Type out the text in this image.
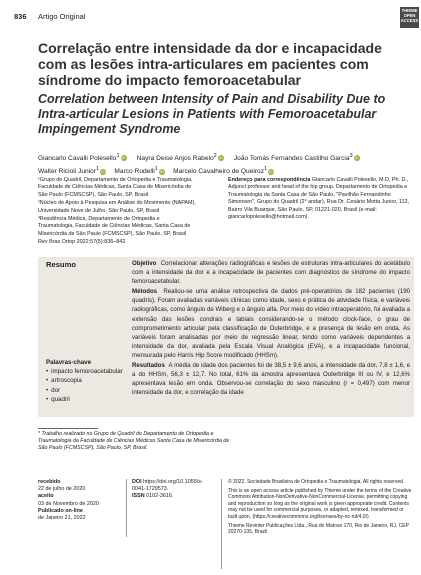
836 Artigo Original
THIEME
OPEN
ACCESS
Correlação entre intensidade da dor e incapacidade com as lesões intra-articulares em pacientes com síndrome do impacto femoroacetabular
Correlation between Intensity of Pain and Disability Due to Intra-articular Lesions in Patients with Femoroacetabular Impingement Syndrome
Giancarlo Cavalli Polesello$^1$ iD Nayra Deise Anjos Rabelo$^2$ iD João Tomás Fernandes Castilho Garcia$^3$ iD
Walter Ricioli Junior$^1$ iD Marco Rudelli$^1$ iD Marcelo Cavalheiro de Queiroz$^1$ iD

¹Grupo de Quadril, Departamento de Ortopedia e Traumatologia, Faculdade de Ciências Médicas, Santa Casa de Misericórdia de São Paulo (FCMSCSP), São Paulo, SP, Brasil

²Núcleo de Apoio à Pesquisa em Análise do Movimento (NAPAM), Universidade Nove de Julho, São Paulo, SP, Brasil

³Residência Médica, Departamento de Ortopedia e Traumatologia, Faculdade de Ciências Médicas, Santa Casa de Misericórdia de São Paulo (FCMSCSP), São Paulo, SP, Brasil

Endereço para correspondência Giancarlo Cavalli Polesello, M.D, Ph. D., Adjunct professor and head of the hip group, Departamento de Ortopedia e Traumatologia da Santa Casa de São Paulo, "Pavilhão Fernandinho Simonsen", Grupo do Quadril (2° andar), Rua Dr. Cesário Motta Junior, 112, Bairro Vila Buarque, São Paulo, SP, 01221-020, Brasil (e-mail: giancarlopolesello@hotmail.com).
Rev Bras Ortop 2022;57(5):836–842.
Resumo	Objetivo Correlacionar alterações radiográficas e lesões de estruturas intra-articulares do acetábulo com a intensidade da dor e a incapacidade de pacientes com diagnóstico de síndrome do impacto femoroacetabular.

Métodos Realiou-se uma análise retrospectiva de dados pré-operatórios de 182 pacientes (190 quadris). Foram avaliadas variáveis clínicas como idade, sexo e prática de atividade física, e variáveis radiográficas, como ângulo de Wiberg e o ângulo alfa. Por meio do vídeo intraoperatório, foi avaliada a extensão das lesões condrais e labiais considerando-se o método clock-face, o grau de comprometimento articular pela classificação de Outerbridge, e a presença de lesão em onda. As variáveis foram analisadas por meio de regressão linear, tendo como variáveis dependentes a intensidade da dor, avaliada pela Escala Visual Analógica (EVA), e a incapacidade funcional, mensurada pelo Harris Hip Score modificado (HHSm).

Resultados A média de idade dos pacientes foi de 38,5 ± 9,6 anos, a intensidade da dor, 7,8 ± 1,6, e a do HHSm, 56,3 ± 12,7. No total, 61% da amostra apresentava Outerbridge III ou IV, e 12,6% apresentava lesão em onda. Observou-se correlação do sexo masculino (r = 0,497) com menor intensidade da dor, e correlação da idade

Palavras-chave
• impacto femoroacetabular
• artroscopia
• dor
• quadril
* Trabalho realizado no Grupo de Quadril do Departamento de Ortopedia e Traumatologia da Faculdade de Ciências Médicas Santa Casa de Misericórdia de São Paulo (FCMSCSP), São Paulo, SP, Brasil.
recebido
22 de julho de 2020
aceito
03 de Novembro de 2020
Publicado on-line
de Janeiro 21, 2022
DOI https://doi.org/10.1055/s-0041-1729573.
ISSN 0102-3616.

© 2022. Sociedade Brasileira de Ortopedia e Traumatologia. All rights reserved.

This is an open access article published by Thieme under the terms of the Creative Commons Attribution-NonDerivative-NonCommercial-License, permitting copying and reproduction so long as the original work is given appropriate credit. Contents may not be used for commercial purposes, or adapted, remixed, transformed or built upon. (https://creativecommons.org/licenses/by-nc-nd/4.0/)

Thieme Revinter Publicações Ltda., Rua do Matoso 170, Rio de Janeiro, RJ, CEP 20270-135, Brazil
